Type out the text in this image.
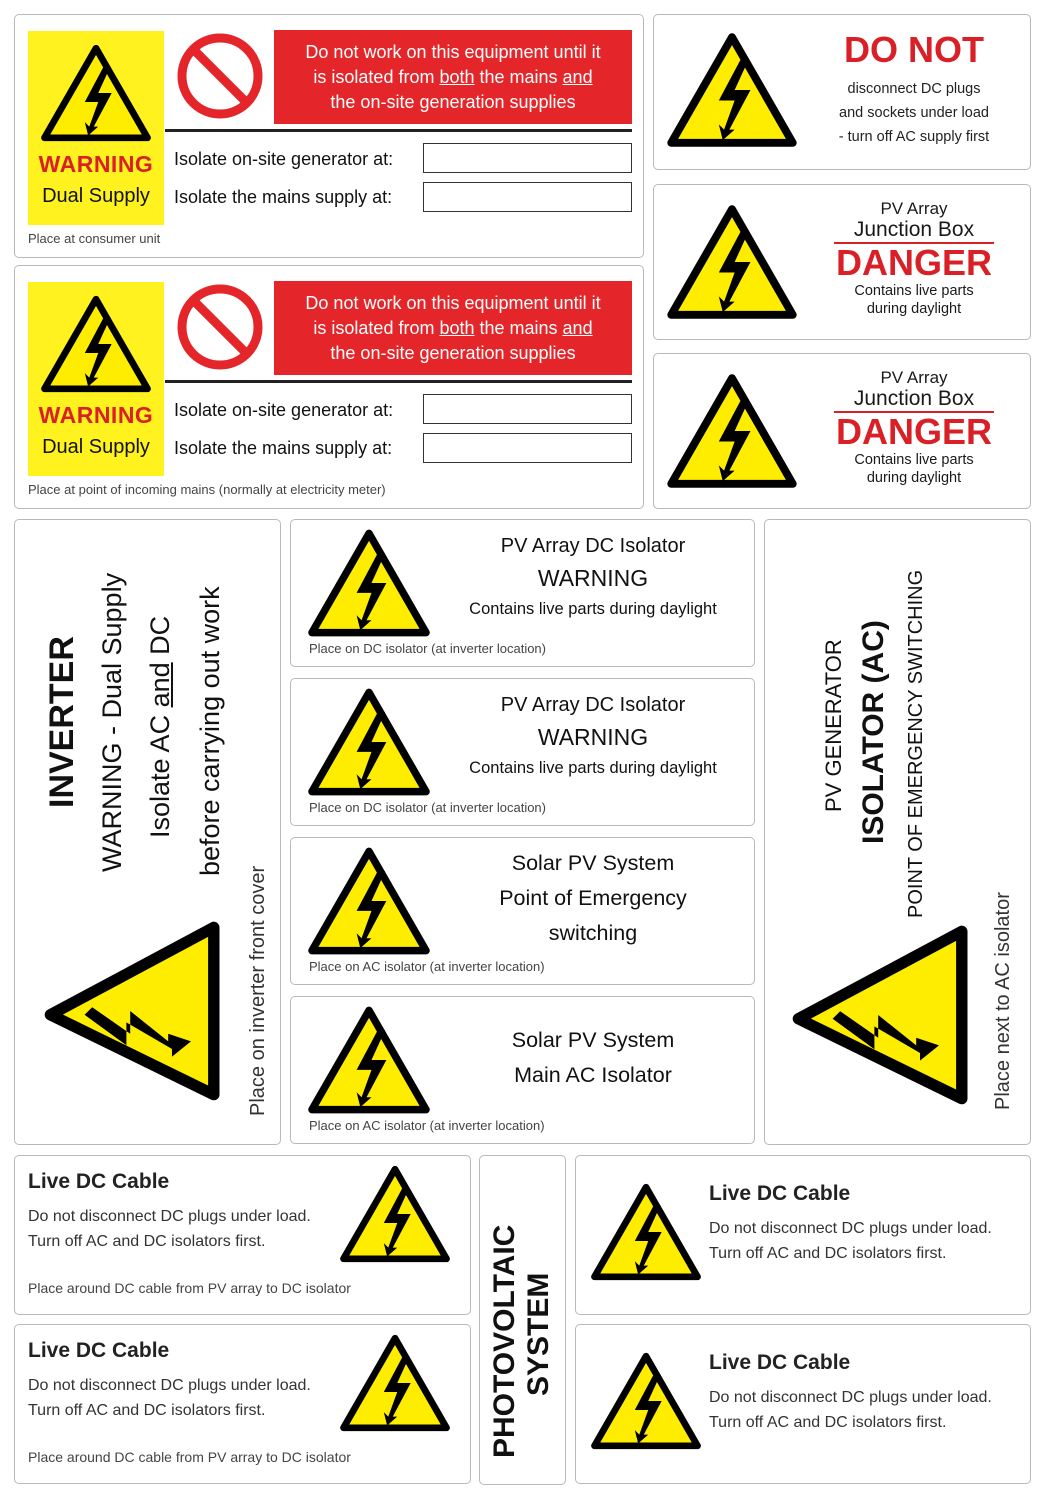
WARNING
Dual Supply
Do not work on this equipment until it
is isolated from both the mains and
the on-site generation supplies
Isolate on-site generator at:
Isolate the mains supply at:
Place at consumer unit
WARNING
Dual Supply
Do not work on this equipment until it
is isolated from both the mains and
the on-site generation supplies
Isolate on-site generator at:
Isolate the mains supply at:
Place at point of incoming mains (normally at electricity meter)
DO NOT
disconnect DC plugs
and sockets under load
- turn off AC supply first
PV Array
Junction Box
DANGER
Contains live parts
during daylight
PV Array
Junction Box
DANGER
Contains live parts
during daylight
INVERTER WARNING - Dual Supply Isolate AC and DC before carrying out work
Place on inverter front cover
PV Array DC Isolator
WARNING
Contains live parts during daylight
Place on DC isolator (at inverter location)
PV Array DC Isolator
WARNING
Contains live parts during daylight
Place on DC isolator (at inverter location)
Solar PV System
Point of Emergency
switching
Place on AC isolator (at inverter location)
Solar PV System
Main AC Isolator
Place on AC isolator (at inverter location)
PV GENERATOR ISOLATOR (AC) POINT OF EMERGENCY SWITCHING
Place next to AC isolator
Live DC Cable
Do not disconnect DC plugs under load.
Turn off AC and DC isolators first.
Place around DC cable from PV array to DC isolator
Live DC Cable
Do not disconnect DC plugs under load.
Turn off AC and DC isolators first.
Place around DC cable from PV array to DC isolator	PHOTOVOLTAIC SYSTEM
Live DC Cable
Do not disconnect DC plugs under load.
Turn off AC and DC isolators first.
Live DC Cable
Do not disconnect DC plugs under load.
Turn off AC and DC isolators first.
